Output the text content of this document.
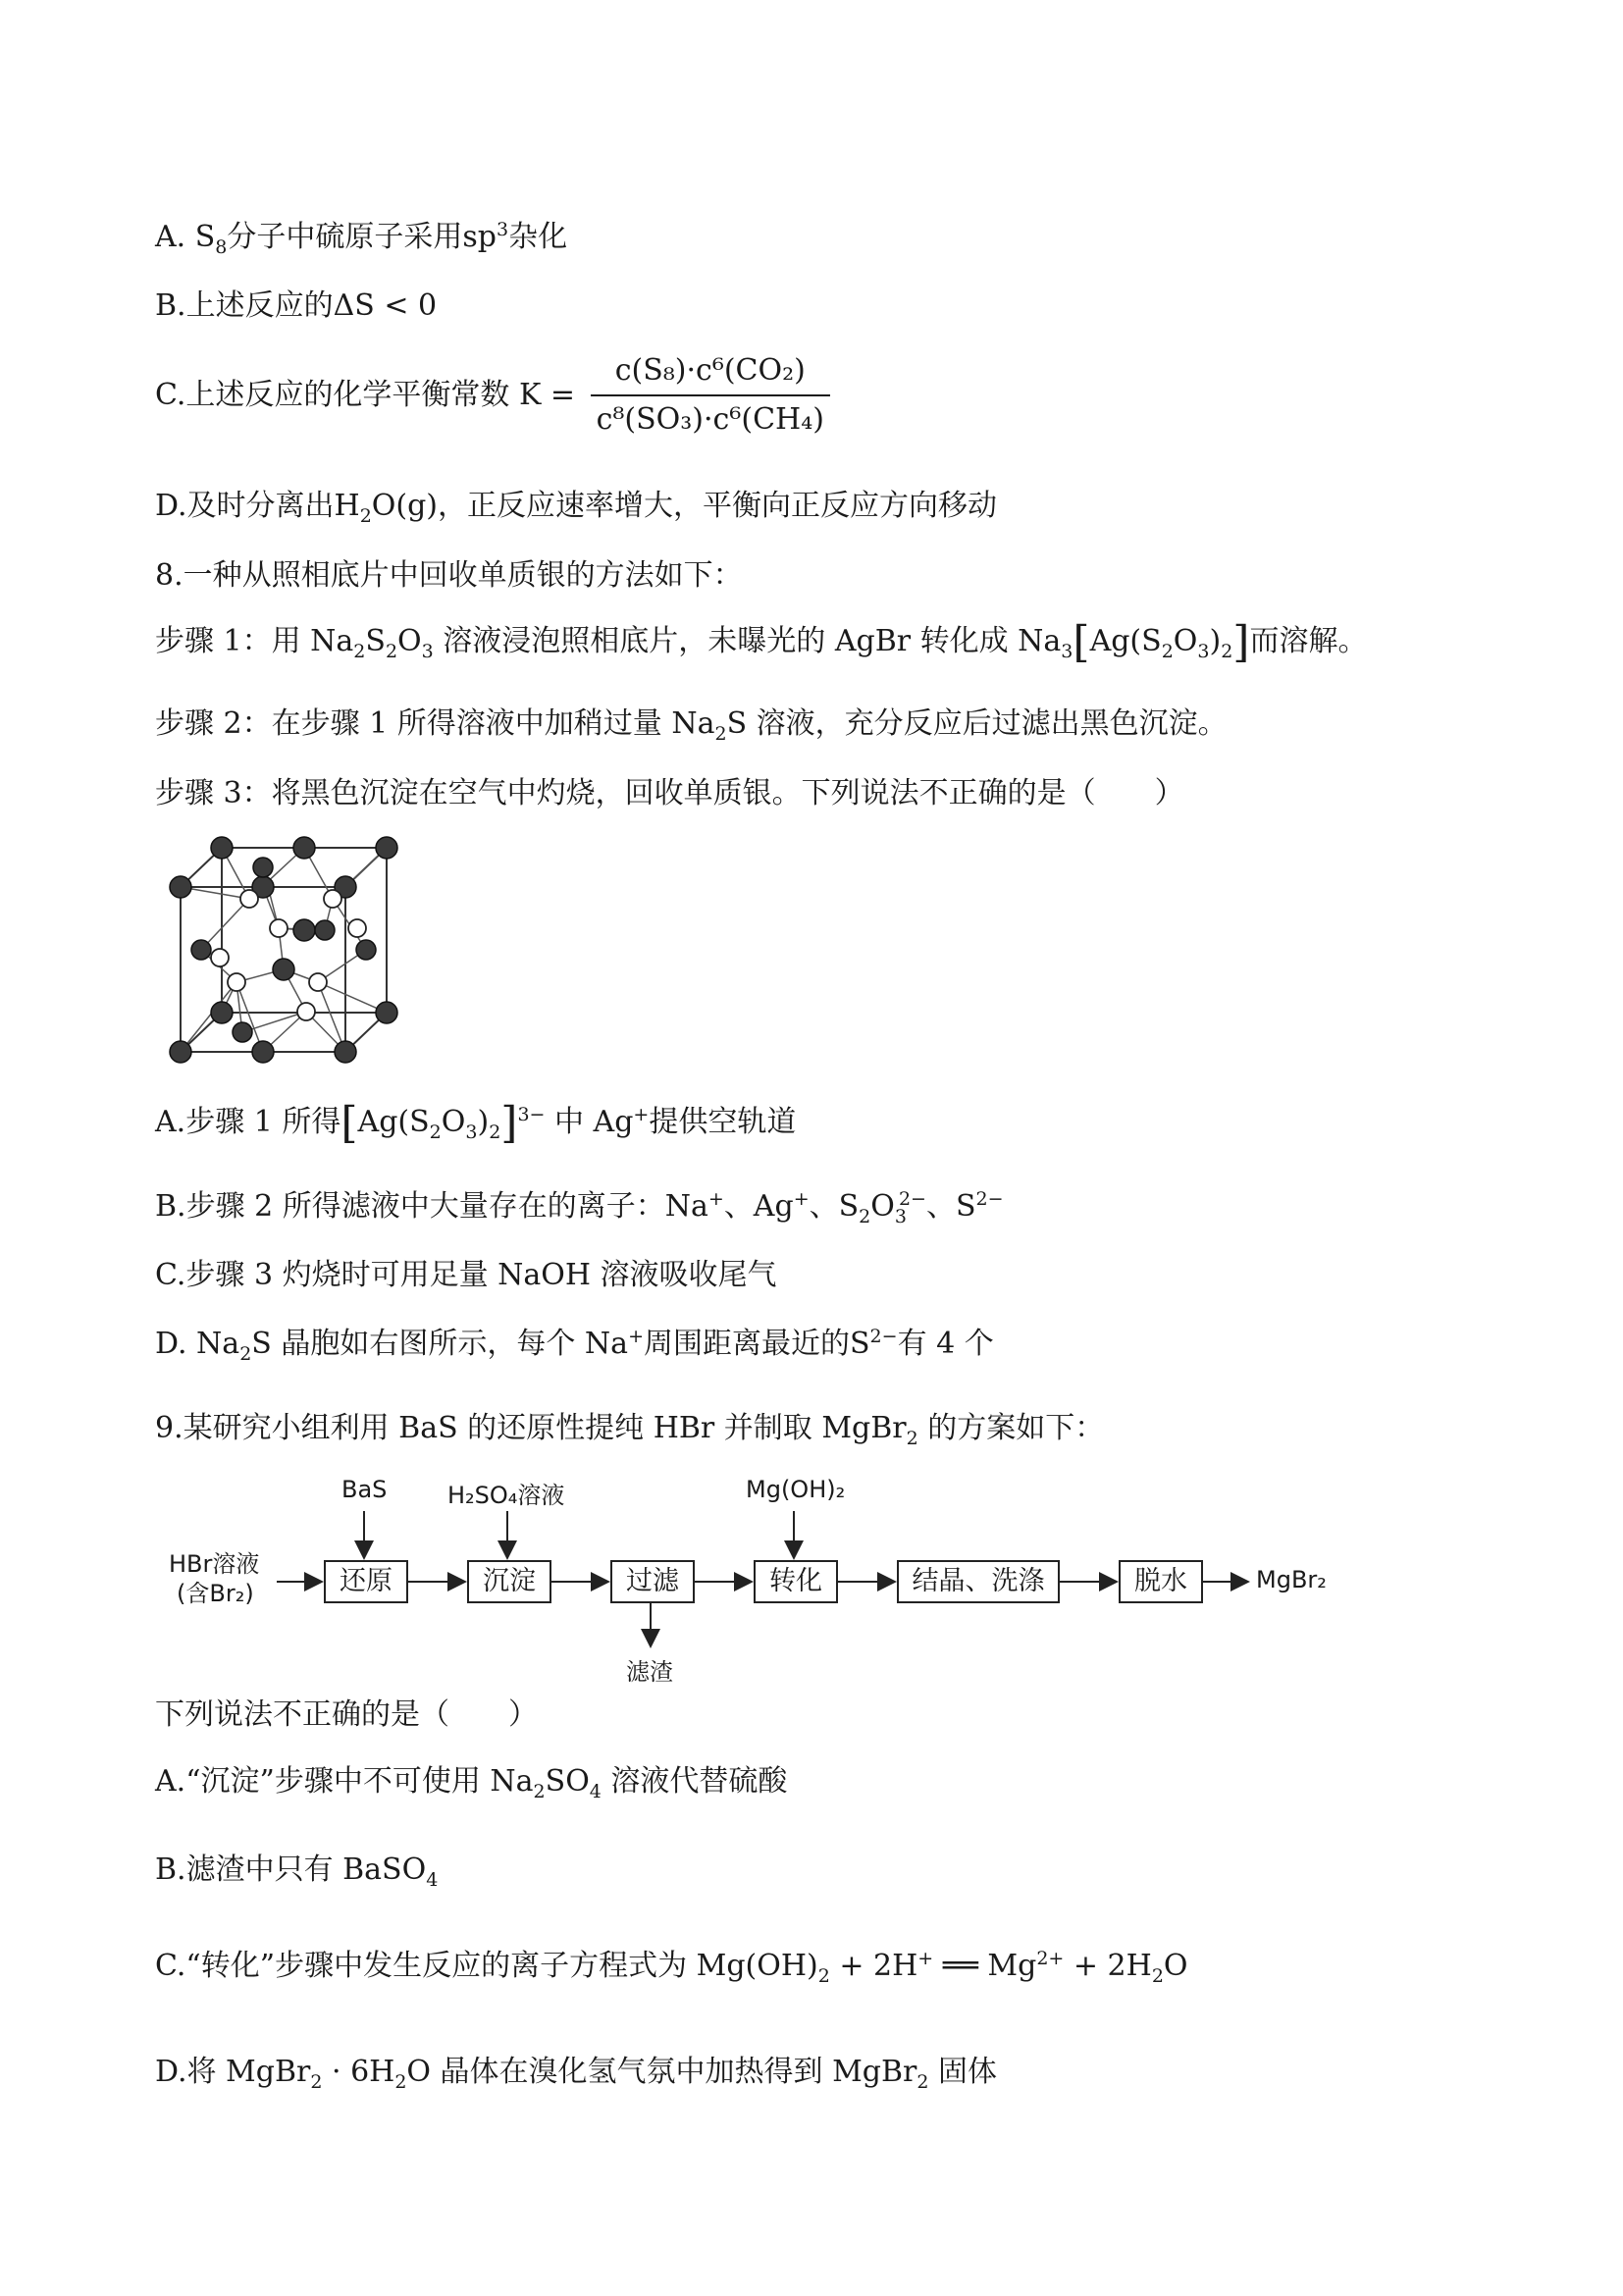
A. $S_8$分子中硫原子采用$sp^3$杂化
B.上述反应的ΔS < 0
C.上述反应的化学平衡常数 $K = \frac{\text{c(S₈)·c⁶(CO₂)}}{\text{c⁸(SO₃)·c⁶(CH₄)}}$
D.及时分离出$H_2O(g)$，正反应速率增大，平衡向正反应方向移动
8.一种从照相底片中回收单质银的方法如下：
步骤 1：用 $Na_2S_2O_3$ 溶液浸泡照相底片，未曝光的 AgBr 转化成 $Na_3[Ag(S_2O_3)_2]$而溶解。
步骤 2：在步骤 1 所得溶液中加稍过量 $Na_2S$ 溶液，充分反应后过滤出黑色沉淀。
步骤 3：将黑色沉淀在空气中灼烧，回收单质银。下列说法不正确的是（　　）
A.步骤 1 所得$[Ag(S_2O_3)_2]^{3-}$ 中 Ag+提供空轨道
B.步骤 2 所得滤液中大量存在的离子：Na+、Ag+、$S_2O_3^{2-}$、$S^{2-}$
C.步骤 3 灼烧时可用足量 NaOH 溶液吸收尾气
D. $Na_2S$ 晶胞如右图所示，每个 Na+周围距离最近的$S^{2-}$有 4 个
9.某研究小组利用 BaS 的还原性提纯 HBr 并制取 MgBr$_2$ 的方案如下：
HBr溶液
(含Br₂)
BaS	H₂SO₄溶液	Mg(OH)₂
滤渣
还原	沉淀	过滤	转化	结晶、洗涤	脱水	MgBr₂
下列说法不正确的是（　　）
A.“沉淀”步骤中不可使用 $Na_2SO_4$ 溶液代替硫酸
B.滤渣中只有 BaSO$_4$
C.“转化”步骤中发生反应的离子方程式为 $Mg(OH)_2 + 2H^+$ ══ $Mg^{2+} + 2H_2O$
D.将 MgBr$_2$ · $6H_2O$ 晶体在溴化氢气氛中加热得到 MgBr$_2$ 固体
